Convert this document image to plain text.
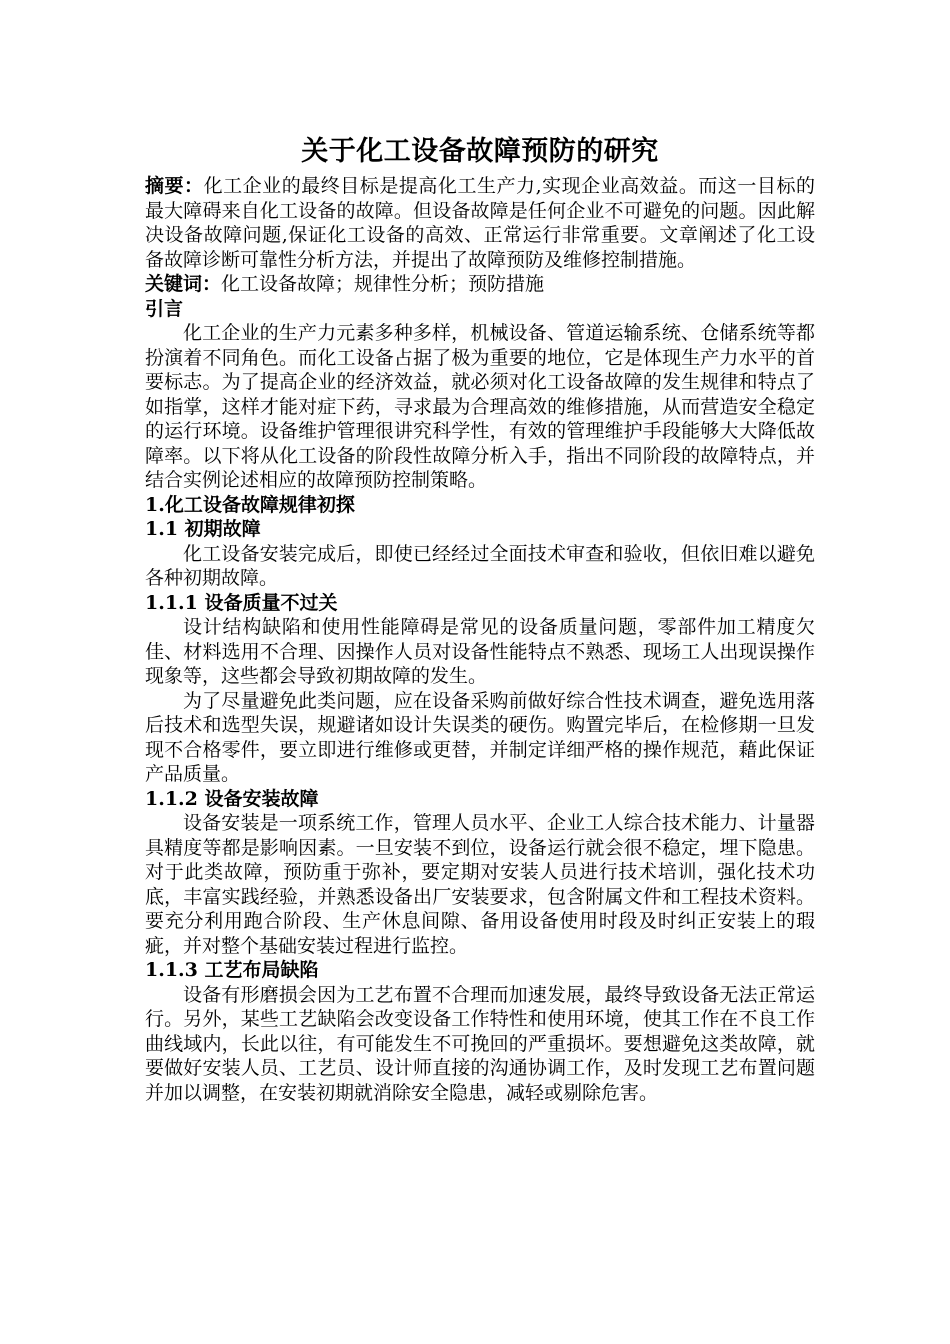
关于化工设备故障预防的研究

摘要：化工企业的最终目标是提高化工生产力,实现企业高效益。而这一目标的最大障碍来自化工设备的故障。但设备故障是任何企业不可避免的问题。因此解决设备故障问题,保证化工设备的高效、正常运行非常重要。文章阐述了化工设备故障诊断可靠性分析方法，并提出了故障预防及维修控制措施。

关键词：化工设备故障；规律性分析；预防措施

引言

化工企业的生产力元素多种多样，机械设备、管道运输系统、仓储系统等都扮演着不同角色。而化工设备占据了极为重要的地位，它是体现生产力水平的首要标志。为了提高企业的经济效益，就必须对化工设备故障的发生规律和特点了如指掌，这样才能对症下药，寻求最为合理高效的维修措施，从而营造安全稳定的运行环境。设备维护管理很讲究科学性，有效的管理维护手段能够大大降低故障率。以下将从化工设备的阶段性故障分析入手，指出不同阶段的故障特点，并结合实例论述相应的故障预防控制策略。

1.化工设备故障规律初探
1.1 初期故障

化工设备安装完成后，即使已经经过全面技术审查和验收，但依旧难以避免各种初期故障。

1.1.1 设备质量不过关

设计结构缺陷和使用性能障碍是常见的设备质量问题，零部件加工精度欠佳、材料选用不合理、因操作人员对设备性能特点不熟悉、现场工人出现误操作现象等，这些都会导致初期故障的发生。

为了尽量避免此类问题，应在设备采购前做好综合性技术调查，避免选用落后技术和选型失误，规避诸如设计失误类的硬伤。购置完毕后，在检修期一旦发现不合格零件，要立即进行维修或更替，并制定详细严格的操作规范，藉此保证产品质量。

1.1.2 设备安装故障

设备安装是一项系统工作，管理人员水平、企业工人综合技术能力、计量器具精度等都是影响因素。一旦安装不到位，设备运行就会很不稳定，埋下隐患。对于此类故障，预防重于弥补，要定期对安装人员进行技术培训，强化技术功底，丰富实践经验，并熟悉设备出厂安装要求，包含附属文件和工程技术资料。要充分利用跑合阶段、生产休息间隙、备用设备使用时段及时纠正安装上的瑕疵，并对整个基础安装过程进行监控。

1.1.3 工艺布局缺陷

设备有形磨损会因为工艺布置不合理而加速发展，最终导致设备无法正常运行。另外，某些工艺缺陷会改变设备工作特性和使用环境，使其工作在不良工作曲线域内，长此以往，有可能发生不可挽回的严重损坏。要想避免这类故障，就要做好安装人员、工艺员、设计师直接的沟通协调工作，及时发现工艺布置问题并加以调整，在安装初期就消除安全隐患，减轻或剔除危害。
